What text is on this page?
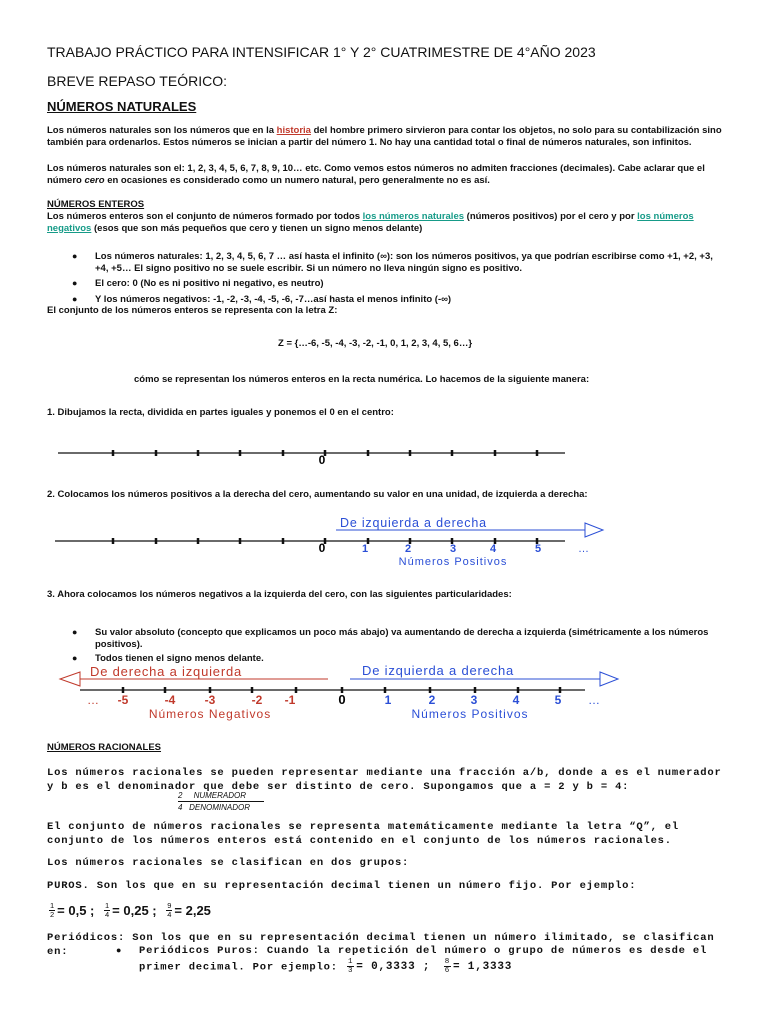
TRABAJO PRÁCTICO PARA INTENSIFICAR 1° Y 2° CUATRIMESTRE DE 4°AÑO 2023
BREVE REPASO TEÓRICO:
NÚMEROS NATURALES
Los números naturales son los números que en la historia del hombre primero sirvieron para contar los objetos, no solo para su contabilización sino también para ordenarlos. Estos números se inician a partir del número 1. No hay una cantidad total o final de números naturales, son infinitos.
Los números naturales son el: 1, 2, 3, 4, 5, 6, 7, 8, 9, 10… etc. Como vemos estos números no admiten fracciones (decimales). Cabe aclarar que el número cero en ocasiones es considerado como un numero natural, pero generalmente no es así.
NÚMEROS ENTEROS
Los números enteros son el conjunto de números formado por todos los números naturales (números positivos) por el cero y por los números negativos (esos que son más pequeños que cero y tienen un signo menos delante)
● Los números naturales: 1, 2, 3, 4, 5, 6, 7 … así hasta el infinito (∞): son los números positivos, ya que podrían escribirse como +1, +2, +3, +4, +5… El signo positivo no se suele escribir. Si un número no lleva ningún signo es positivo.
● El cero: 0 (No es ni positivo ni negativo, es neutro)
● Y los números negativos: -1, -2, -3, -4, -5, -6, -7…así hasta el menos infinito (-∞)
El conjunto de los números enteros se representa con la letra Z:
Z = {…-6, -5, -4, -3, -2, -1, 0, 1, 2, 3, 4, 5, 6…}
cómo se representan los números enteros en la recta numérica. Lo hacemos de la siguiente manera:
1. Dibujamos la recta, dividida en partes iguales y ponemos el 0 en el centro:
2. Colocamos los números positivos a la derecha del cero, aumentando su valor en una unidad, de izquierda a derecha:
3. Ahora colocamos los números negativos a la izquierda del cero, con las siguientes particularidades:
● Su valor absoluto (concepto que explicamos un poco más abajo) va aumentando de derecha a izquierda (simétricamente a los números positivos).
● Todos tienen el signo menos delante.
0
0	1	2	3	4	5	…
De izquierda a derecha
Números Positivos
0
-5	-4 -3	-2 -1	1	2	3	4	5
…	…
De derecha a izquierda	De izquierda a derecha
Números Negativos	Números Positivos
NÚMEROS RACIONALES
Los números racionales se pueden representar mediante una fracción a/b, donde a es el numerador y b es el denominador que debe ser distinto de cero. Supongamos que a = 2 y b = 4:
2 NUMERADOR
4 DENOMINADOR
El conjunto de números racionales se representa matemáticamente mediante la letra “Q”, el conjunto de los números enteros está contenido en el conjunto de los números racionales.
Los números racionales se clasifican en dos grupos:
PUROS. Son los que en su representación decimal tienen un número fijo. Por ejemplo:
$\frac{1}{2} = 0,5$ ; $\frac{1}{4} = 0,25$ ; $\frac{9}{4} = 2,25$
Periódicos: Son los que en su representación decimal tienen un número ilimitado, se clasifican en:	● Periódicos Puros: Cuando la repetición del número o grupo de números es desde el primer decimal. Por ejemplo: $\frac{1}{3} = 0,3333$ ; $\frac{8}{6} = 1,3333$
